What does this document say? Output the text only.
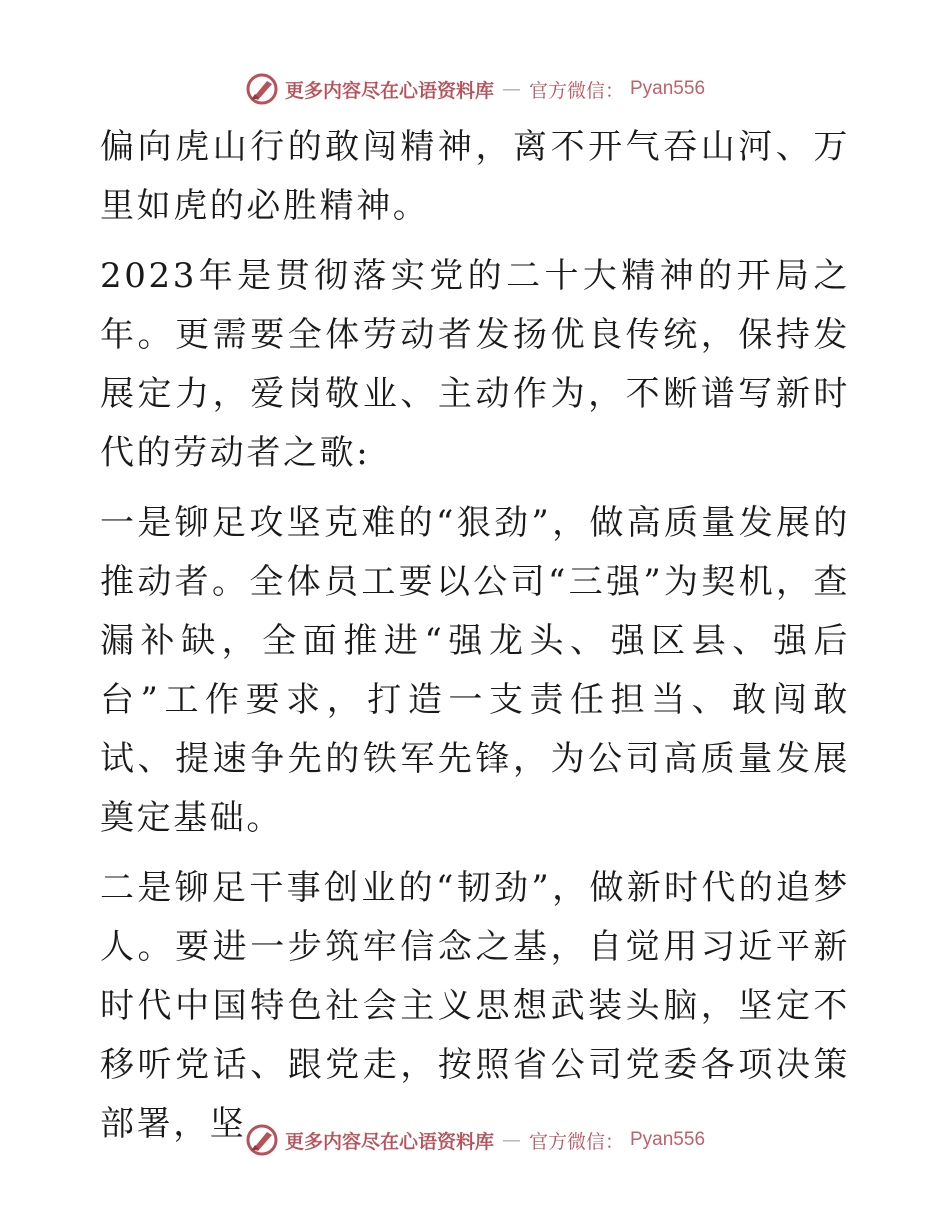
更多内容尽在心语资料库 — 官方微信： Pyan556

偏向虎山行的敢闯精神，离不开气吞山河、万里如虎的必胜精神。

2023年是贯彻落实党的二十大精神的开局之年。更需要全体劳动者发扬优良传统，保持发展定力，爱岗敬业、主动作为，不断谱写新时代的劳动者之歌:

一是铆足攻坚克难的“狠劲”，做高质量发展的推动者。全体员工要以公司“三强”为契机，查漏补缺，全面推进“强龙头、强区县、强后台”工作要求，打造一支责任担当、敢闯敢试、提速争先的铁军先锋，为公司高质量发展奠定基础。

二是铆足干事创业的“韧劲”，做新时代的追梦人。要进一步筑牢信念之基，自觉用习近平新时代中国特色社会主义思想武装头脑，坚定不移听党话、跟党走，按照省公司党委各项决策部署，坚	更多内容尽在心语资料库 — 官方微信： Pyan556
